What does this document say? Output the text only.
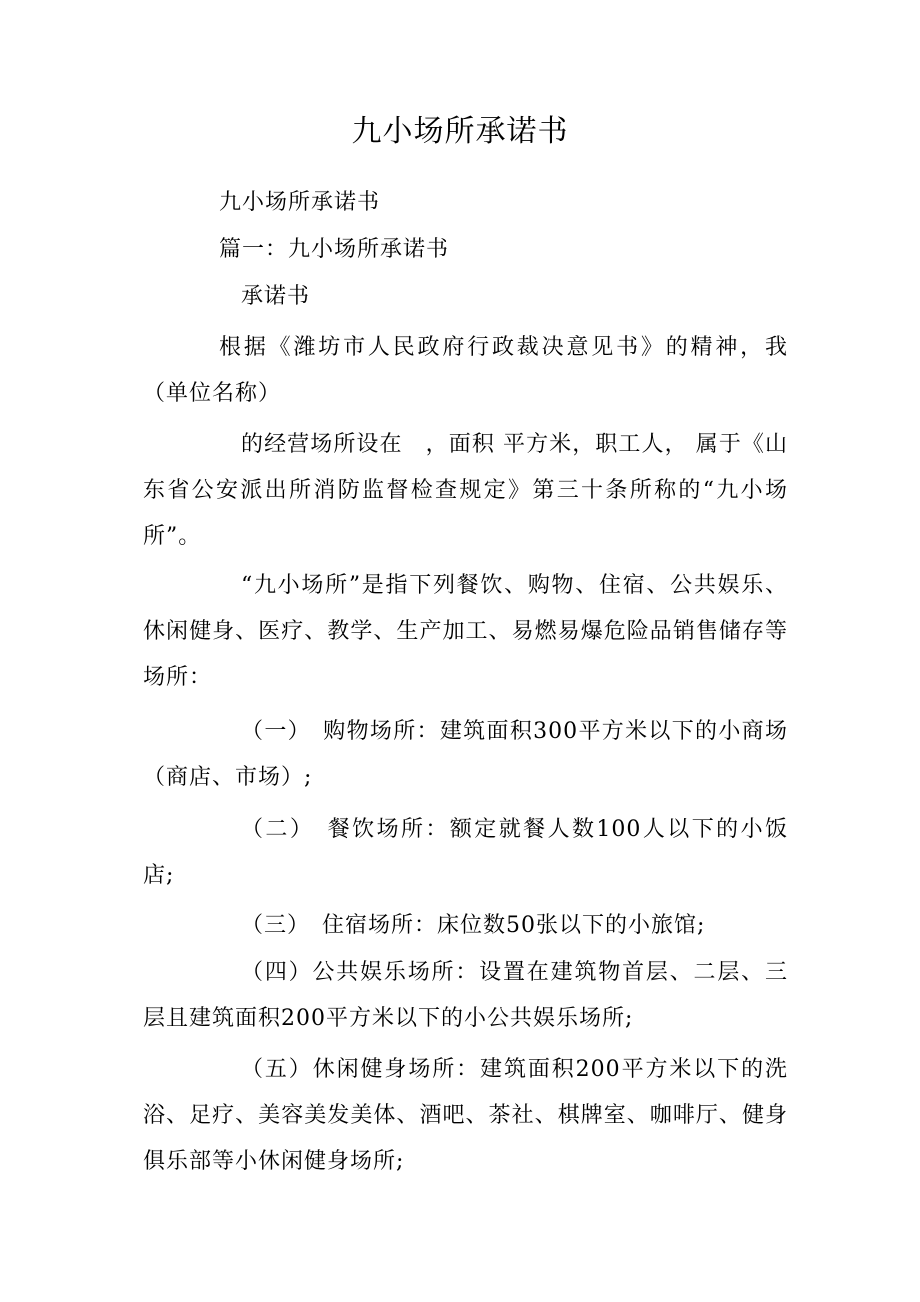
九小场所承诺书

九小场所承诺书

篇一：九小场所承诺书

承诺书

根据《潍坊市人民政府行政裁决意见书》的精神，我（单位名称）

的经营场所设在　，面积 平方米，职工人， 属于《山东省公安派出所消防监督检查规定》第三十条所称的“九小场所”。

“九小场所”是指下列餐饮、购物、住宿、公共娱乐、休闲健身、医疗、教学、生产加工、易燃易爆危险品销售储存等场所：

（一）　购物场所：建筑面积300平方米以下的小商场（商店、市场）;

（二）　餐饮场所：额定就餐人数100人以下的小饭店;

（三）　住宿场所：床位数50张以下的小旅馆;

（四）公共娱乐场所：设置在建筑物首层、二层、三层且建筑面积200平方米以下的小公共娱乐场所;

（五）休闲健身场所：建筑面积200平方米以下的洗浴、足疗、美容美发美体、酒吧、茶社、棋牌室、咖啡厅、健身俱乐部等小休闲健身场所;
